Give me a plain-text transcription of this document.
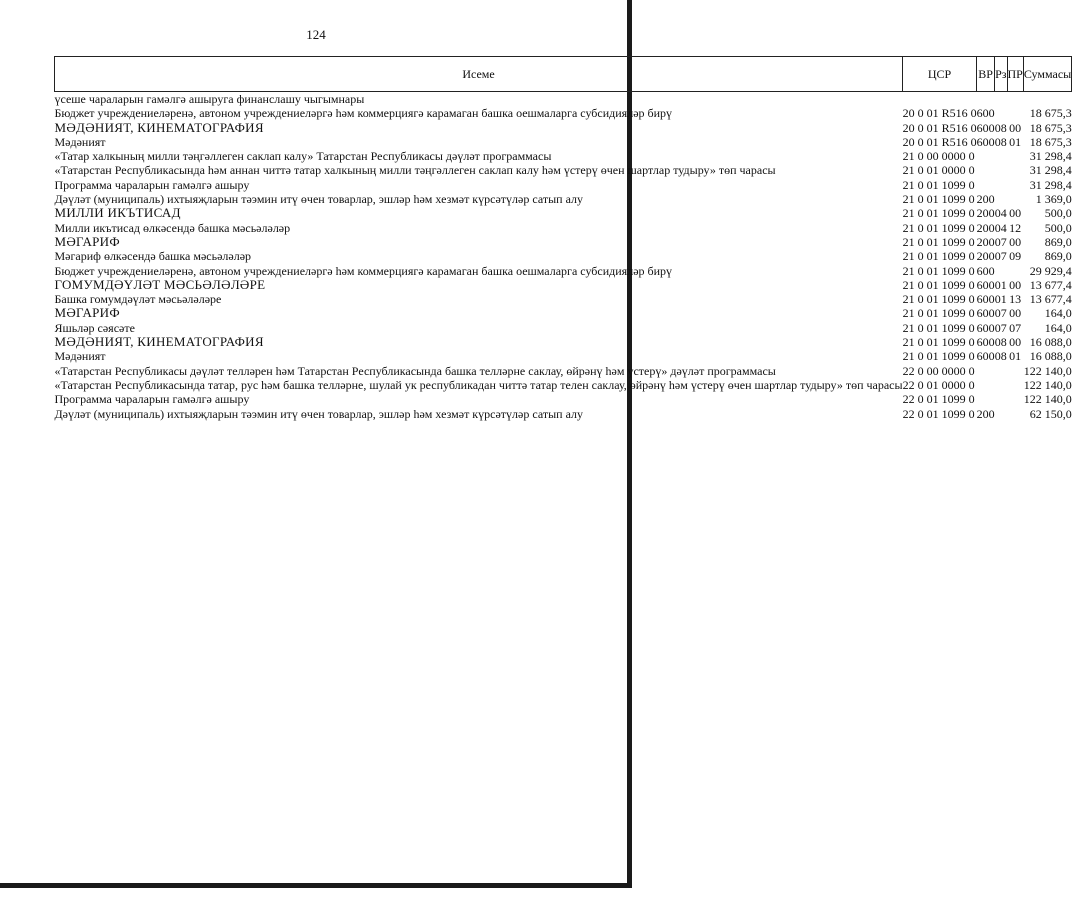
124
Исеме	ЦСР	ВР	Рз	ПР	Суммасы
үсеше чараларын гамәлгә ашыруга финанслашу чыгымнары					
Бюджет учреждениеләренә, автоном учреждениеләргә һәм коммерциягә карамаган башка оешмаларга субсидияләр бирү	20 0 01 R516 0	600			18 675,3
МӘДӘНИЯТ, КИНЕМАТОГРАФИЯ	20 0 01 R516 0	600	08	00	18 675,3
Мәдәният	20 0 01 R516 0	600	08	01	18 675,3
«Татар халкының милли тәңгәллеген саклап калу» Татарстан Республикасы дәүләт программасы	21 0 00 0000 0				31 298,4
«Татарстан Республикасында һәм аннан читтә татар халкының милли тәңгәллеген саклап калу һәм үстерү өчен шартлар тудыру» төп чарасы	21 0 01 0000 0				31 298,4
Программа чараларын гамәлгә ашыру	21 0 01 1099 0				31 298,4
Дәүләт (муниципаль) ихтыяҗларын тәэмин итү өчен товарлар, эшләр һәм хезмәт күрсәтүләр сатып алу	21 0 01 1099 0	200			1 369,0
МИЛЛИ ИКЪТИСАД	21 0 01 1099 0	200	04	00	500,0
Милли икътисад өлкәсендә башка мәсьәләләр	21 0 01 1099 0	200	04	12	500,0
МӘГАРИФ	21 0 01 1099 0	200	07	00	869,0
Мәгариф өлкәсендә башка мәсьәләләр	21 0 01 1099 0	200	07	09	869,0
Бюджет учреждениеләренә, автоном учреждениеләргә һәм коммерциягә карамаган башка оешмаларга субсидияләр бирү	21 0 01 1099 0	600			29 929,4
ГОМУМДӘҮЛӘТ МӘСЬӘЛӘЛӘРЕ	21 0 01 1099 0	600	01	00	13 677,4
Башка гомумдәүләт мәсьәләләре	21 0 01 1099 0	600	01	13	13 677,4
МӘГАРИФ	21 0 01 1099 0	600	07	00	164,0
Яшьләр сәясәте	21 0 01 1099 0	600	07	07	164,0
МӘДӘНИЯТ, КИНЕМАТОГРАФИЯ	21 0 01 1099 0	600	08	00	16 088,0
Мәдәният	21 0 01 1099 0	600	08	01	16 088,0
«Татарстан Республикасы дәүләт телләрен һәм Татарстан Республикасында башка телләрне саклау, өйрәнү һәм үстерү» дәүләт программасы	22 0 00 0000 0				122 140,0
«Татарстан Республикасында татар, рус һәм башка телләрне, шулай ук республикадан читтә татар телен саклау, өйрәнү һәм үстерү өчен шартлар тудыру» төп чарасы	22 0 01 0000 0				122 140,0
Программа чараларын гамәлгә ашыру	22 0 01 1099 0				122 140,0
Дәүләт (муниципаль) ихтыяҗларын тәэмин итү өчен товарлар, эшләр һәм хезмәт күрсәтүләр сатып алу	22 0 01 1099 0	200			62 150,0
